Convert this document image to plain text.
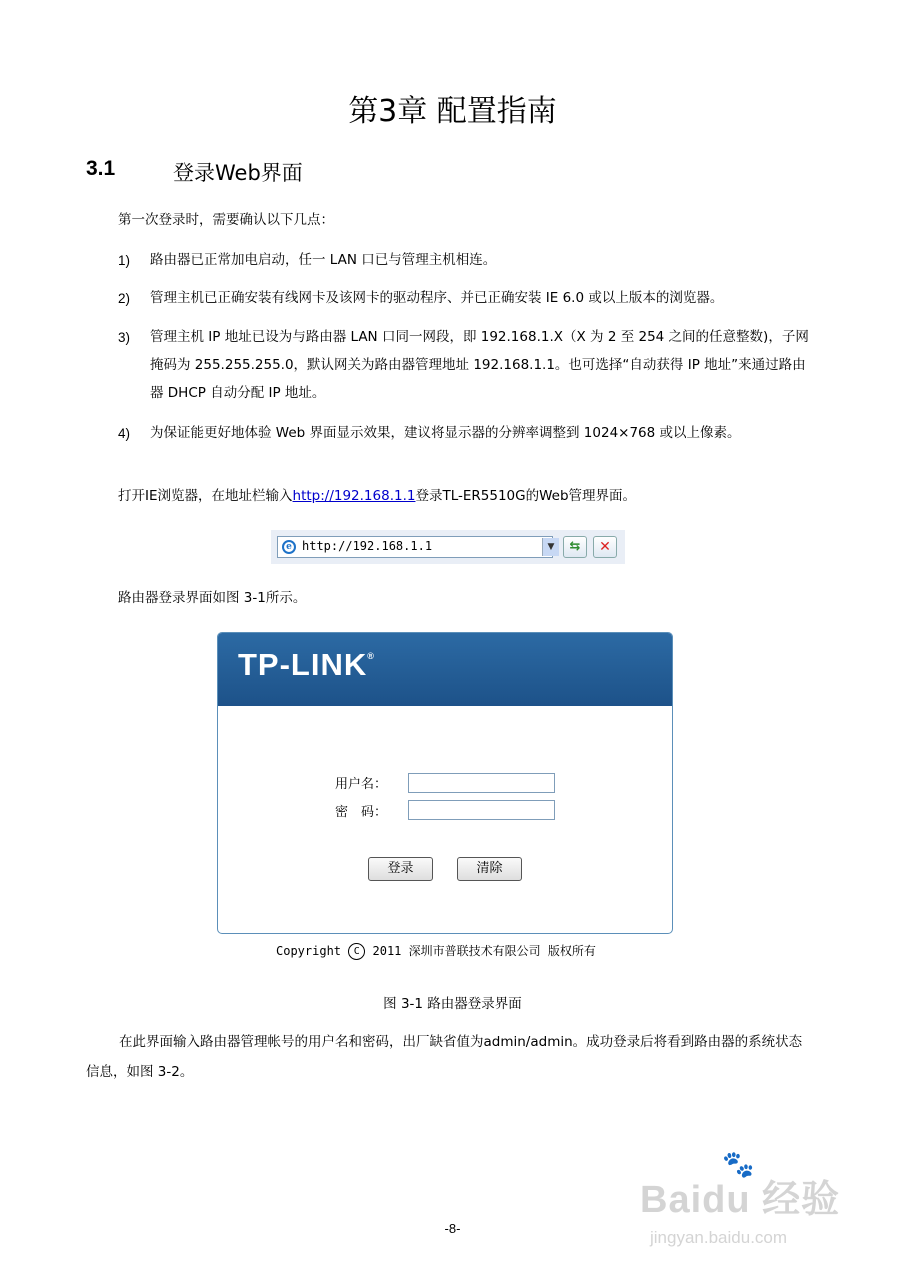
第3章 配置指南
3.1	登录Web界面
第一次登录时，需要确认以下几点：
1) 路由器已正常加电启动，任一 LAN 口已与管理主机相连。
2) 管理主机已正确安装有线网卡及该网卡的驱动程序、并已正确安装 IE 6.0 或以上版本的浏览器。
3) 管理主机 IP 地址已设为与路由器 LAN 口同一网段，即 192.168.1.X（X 为 2 至 254 之间的任意整数)，子网掩码为 255.255.255.0，默认网关为路由器管理地址 192.168.1.1。也可选择“自动获得 IP 地址”来通过路由器 DHCP 自动分配 IP 地址。
4) 为保证能更好地体验 Web 界面显示效果，建议将显示器的分辨率调整到 1024×768 或以上像素。
打开IE浏览器，在地址栏输入http://192.168.1.1登录TL-ER5510G的Web管理界面。
e http://192.168.1.1	▼	⇆	✕
路由器登录界面如图 3-1所示。
TP-LINK®
用户名：
密　码：
登录	清除
Copyright C 2011 深圳市普联技术有限公司 版权所有
图 3-1 路由器登录界面
在此界面输入路由器管理帐号的用户名和密码，出厂缺省值为admin/admin。成功登录后将看到路由器的系统状态信息，如图 3-2。
-8-
🐾
Baidu 经验
jingyan.baidu.com
